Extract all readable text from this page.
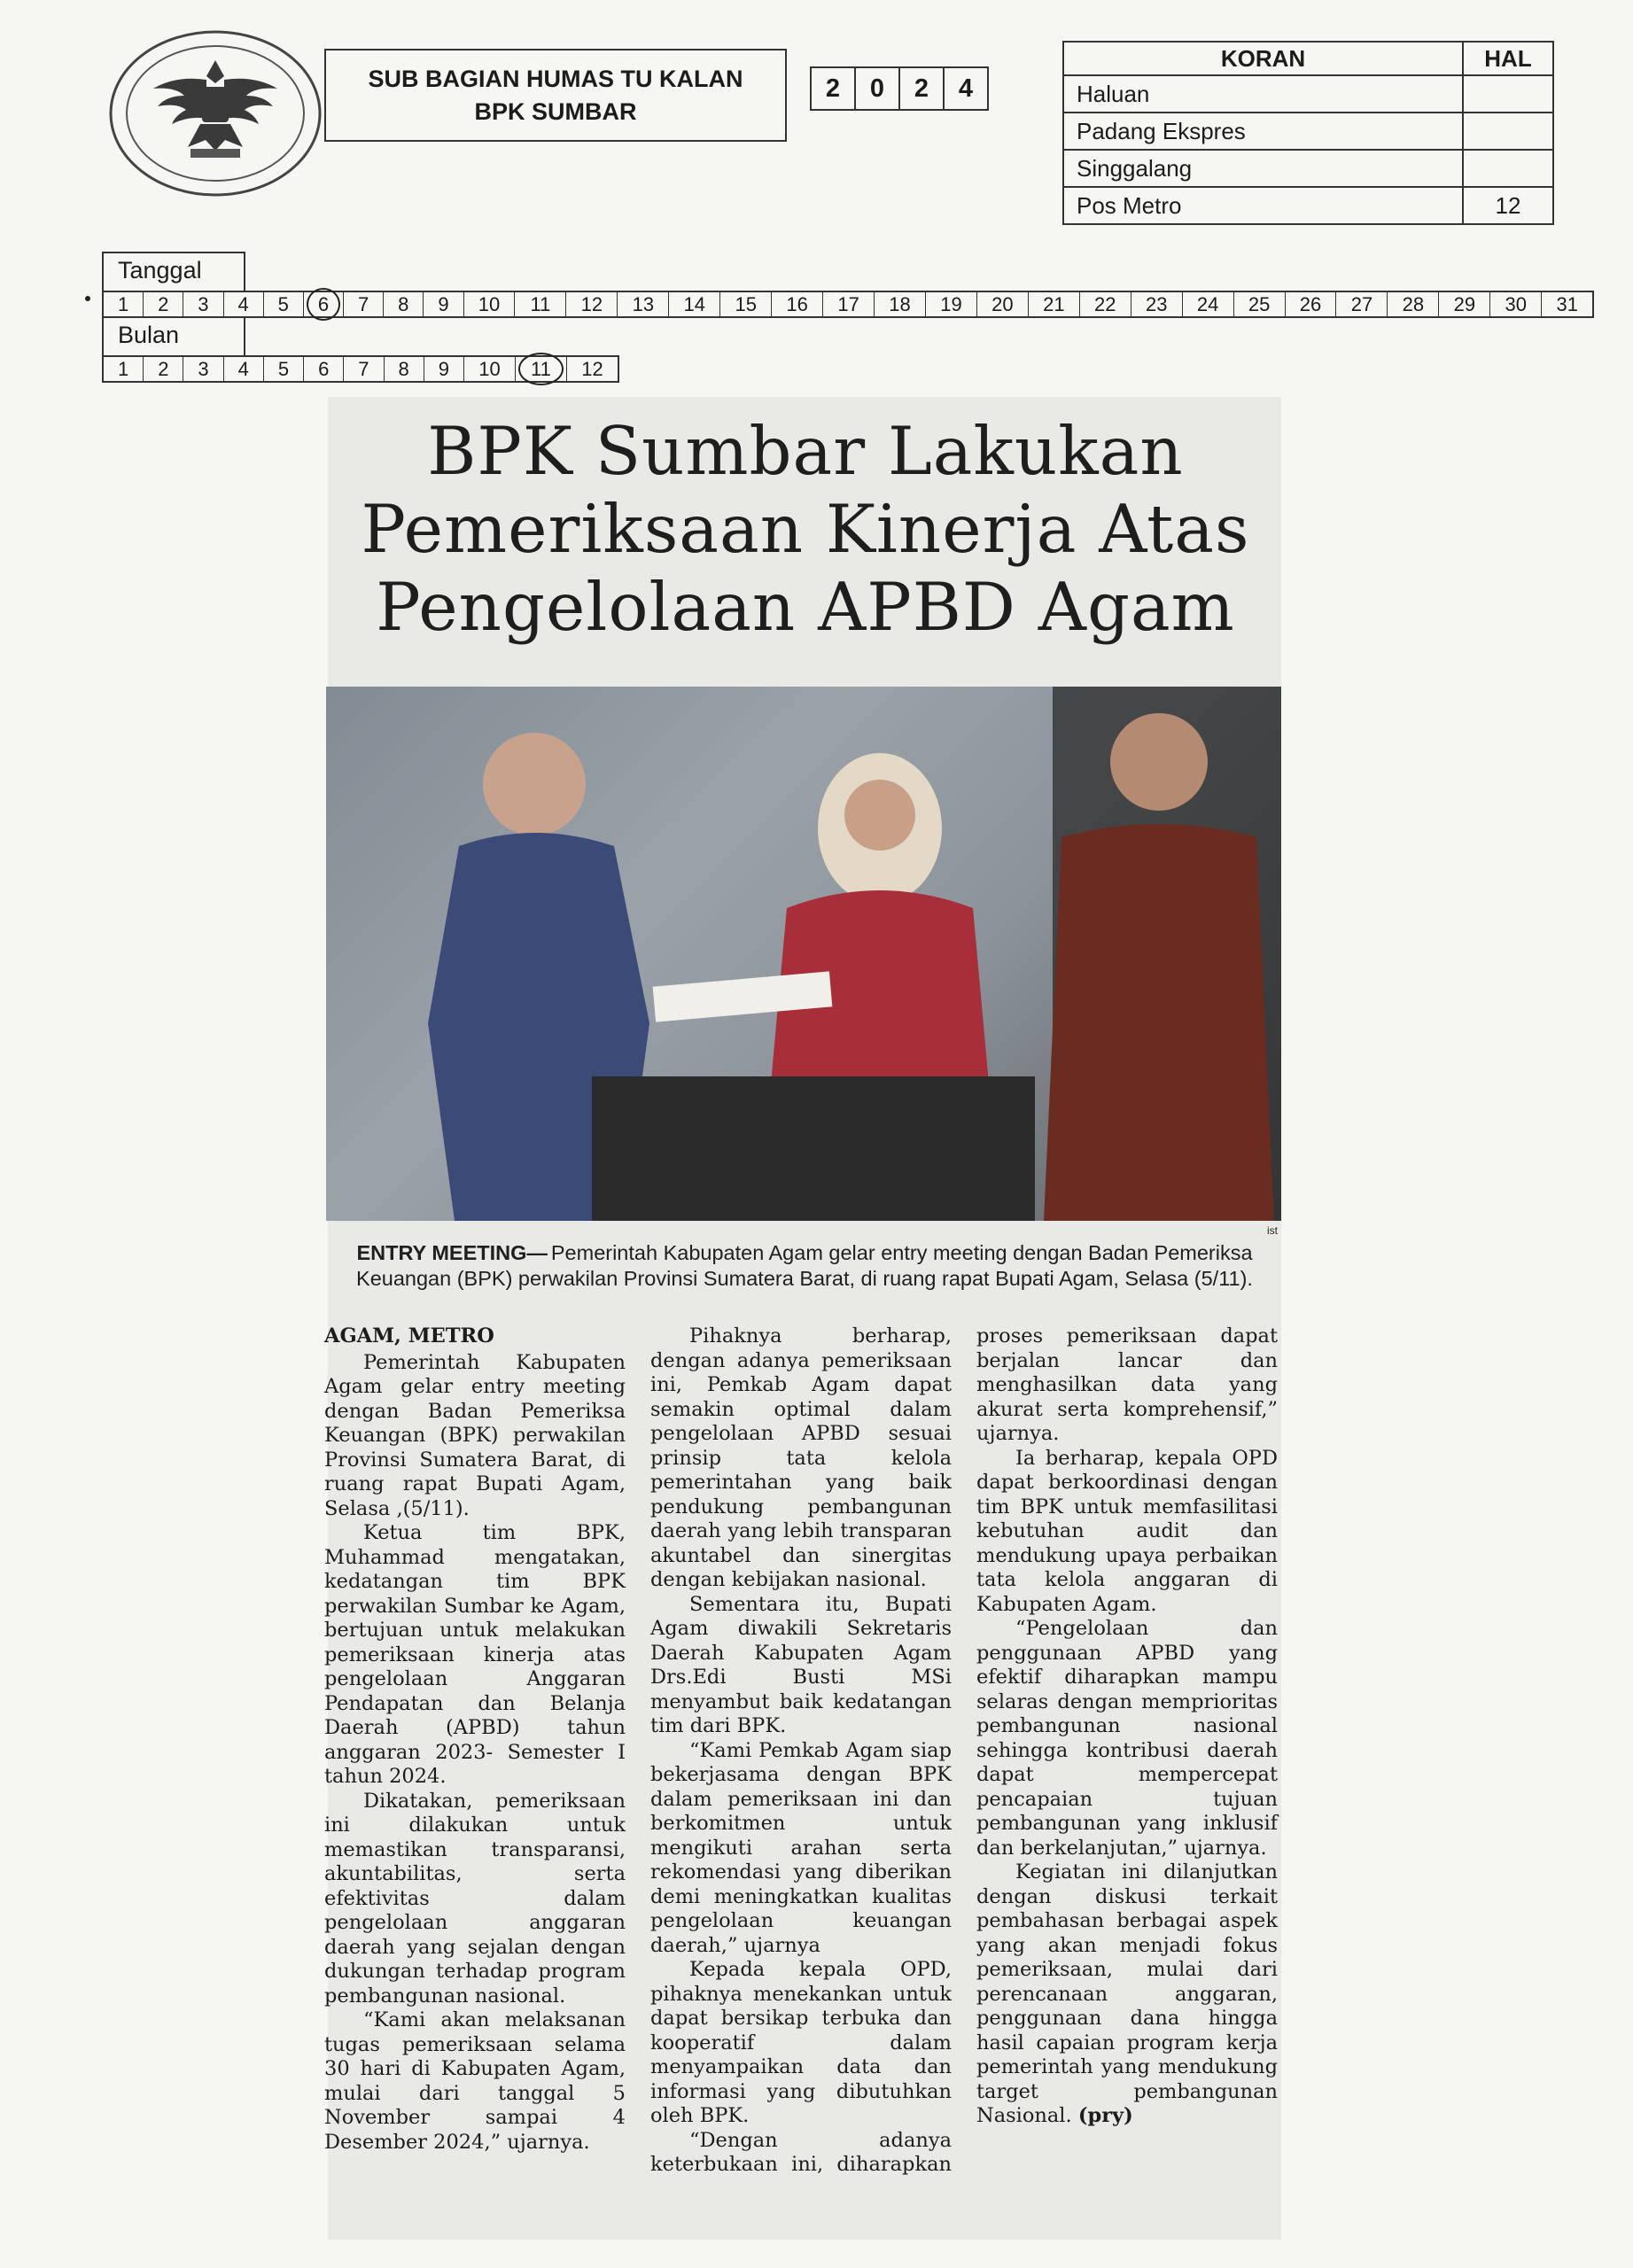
SUB BAGIAN HUMAS TU KALAN
BPK SUMBAR
2	0	2	4
KORAN	HAL
Haluan	
Padang Ekspres	
Singgalang	
Pos Metro	12
Tanggal
1	2	3	4	5	6	7	8	9	10	11	12	13	14	15	16	17	18	19	20	21	22	23	24	25	26	27	28	29	30	31
Bulan
1	2	3	4	5	6	7	8	9	10	11	12
BPK Sumbar Lakukan
Pemeriksaan Kinerja Atas
Pengelolaan APBD Agam
ist
ENTRY MEETING— Pemerintah Kabupaten Agam gelar entry meeting dengan Badan Pemeriksa Keuangan (BPK) perwakilan Provinsi Sumatera Barat, di ruang rapat Bupati Agam, Selasa (5/11).
AGAM, METRO

Pemerintah Kabupaten Agam gelar entry meeting dengan Badan Pemeriksa Keuangan (BPK) perwakilan Provinsi Sumatera Barat, di ruang rapat Bupati Agam, Selasa ,(5/11).

Ketua tim BPK, Muhammad mengatakan, kedatangan tim BPK perwakilan Sumbar ke Agam, bertujuan untuk melakukan pemeriksaan kinerja atas pengelolaan Anggaran Pendapatan dan Belanja Daerah (APBD) tahun anggaran 2023- Semester I tahun 2024.

Dikatakan, pemeriksaan ini dilakukan untuk memastikan transparansi, akuntabilitas, serta efektivitas dalam pengelolaan anggaran daerah yang sejalan dengan dukungan terhadap program pembangunan nasional.

“Kami akan melaksanan tugas pemeriksaan selama 30 hari di Kabupaten Agam, mulai dari tanggal 5 November sampai 4 Desember 2024,” ujarnya.

Pihaknya berharap, dengan adanya pemeriksaan ini, Pemkab Agam dapat semakin optimal dalam pengelolaan APBD sesuai prinsip tata kelola pemerintahan yang baik pendukung pembangunan daerah yang lebih transparan akuntabel dan sinergitas dengan kebijakan nasional.

Sementara itu, Bupati Agam diwakili Sekretaris Daerah Kabupaten Agam Drs.Edi Busti MSi menyambut baik kedatangan tim dari BPK.

“Kami Pemkab Agam siap bekerjasama dengan BPK dalam pemeriksaan ini dan berkomitmen untuk mengikuti arahan serta rekomendasi yang diberikan demi meningkatkan kualitas pengelolaan keuangan daerah,” ujarnya

Kepada kepala OPD, pihaknya menekankan untuk dapat bersikap terbuka dan kooperatif dalam menyampaikan data dan informasi yang dibutuhkan oleh BPK.

“Dengan adanya keterbukaan ini, diharapkan proses pemeriksaan dapat berjalan lancar dan menghasilkan data yang akurat serta komprehensif,” ujarnya.

Ia berharap, kepala OPD dapat berkoordinasi dengan tim BPK untuk memfasilitasi kebutuhan audit dan mendukung upaya perbaikan tata kelola anggaran di Kabupaten Agam.

“Pengelolaan dan penggunaan APBD yang efektif diharapkan mampu selaras dengan memprioritas pembangunan nasional sehingga kontribusi daerah dapat mempercepat pencapaian tujuan pembangunan yang inklusif dan berkelanjutan,” ujarnya.

Kegiatan ini dilanjutkan dengan diskusi terkait pembahasan berbagai aspek yang akan menjadi fokus pemeriksaan, mulai dari perencanaan anggaran, penggunaan dana hingga hasil capaian program kerja pemerintah yang mendukung target pembangunan Nasional. (pry)
